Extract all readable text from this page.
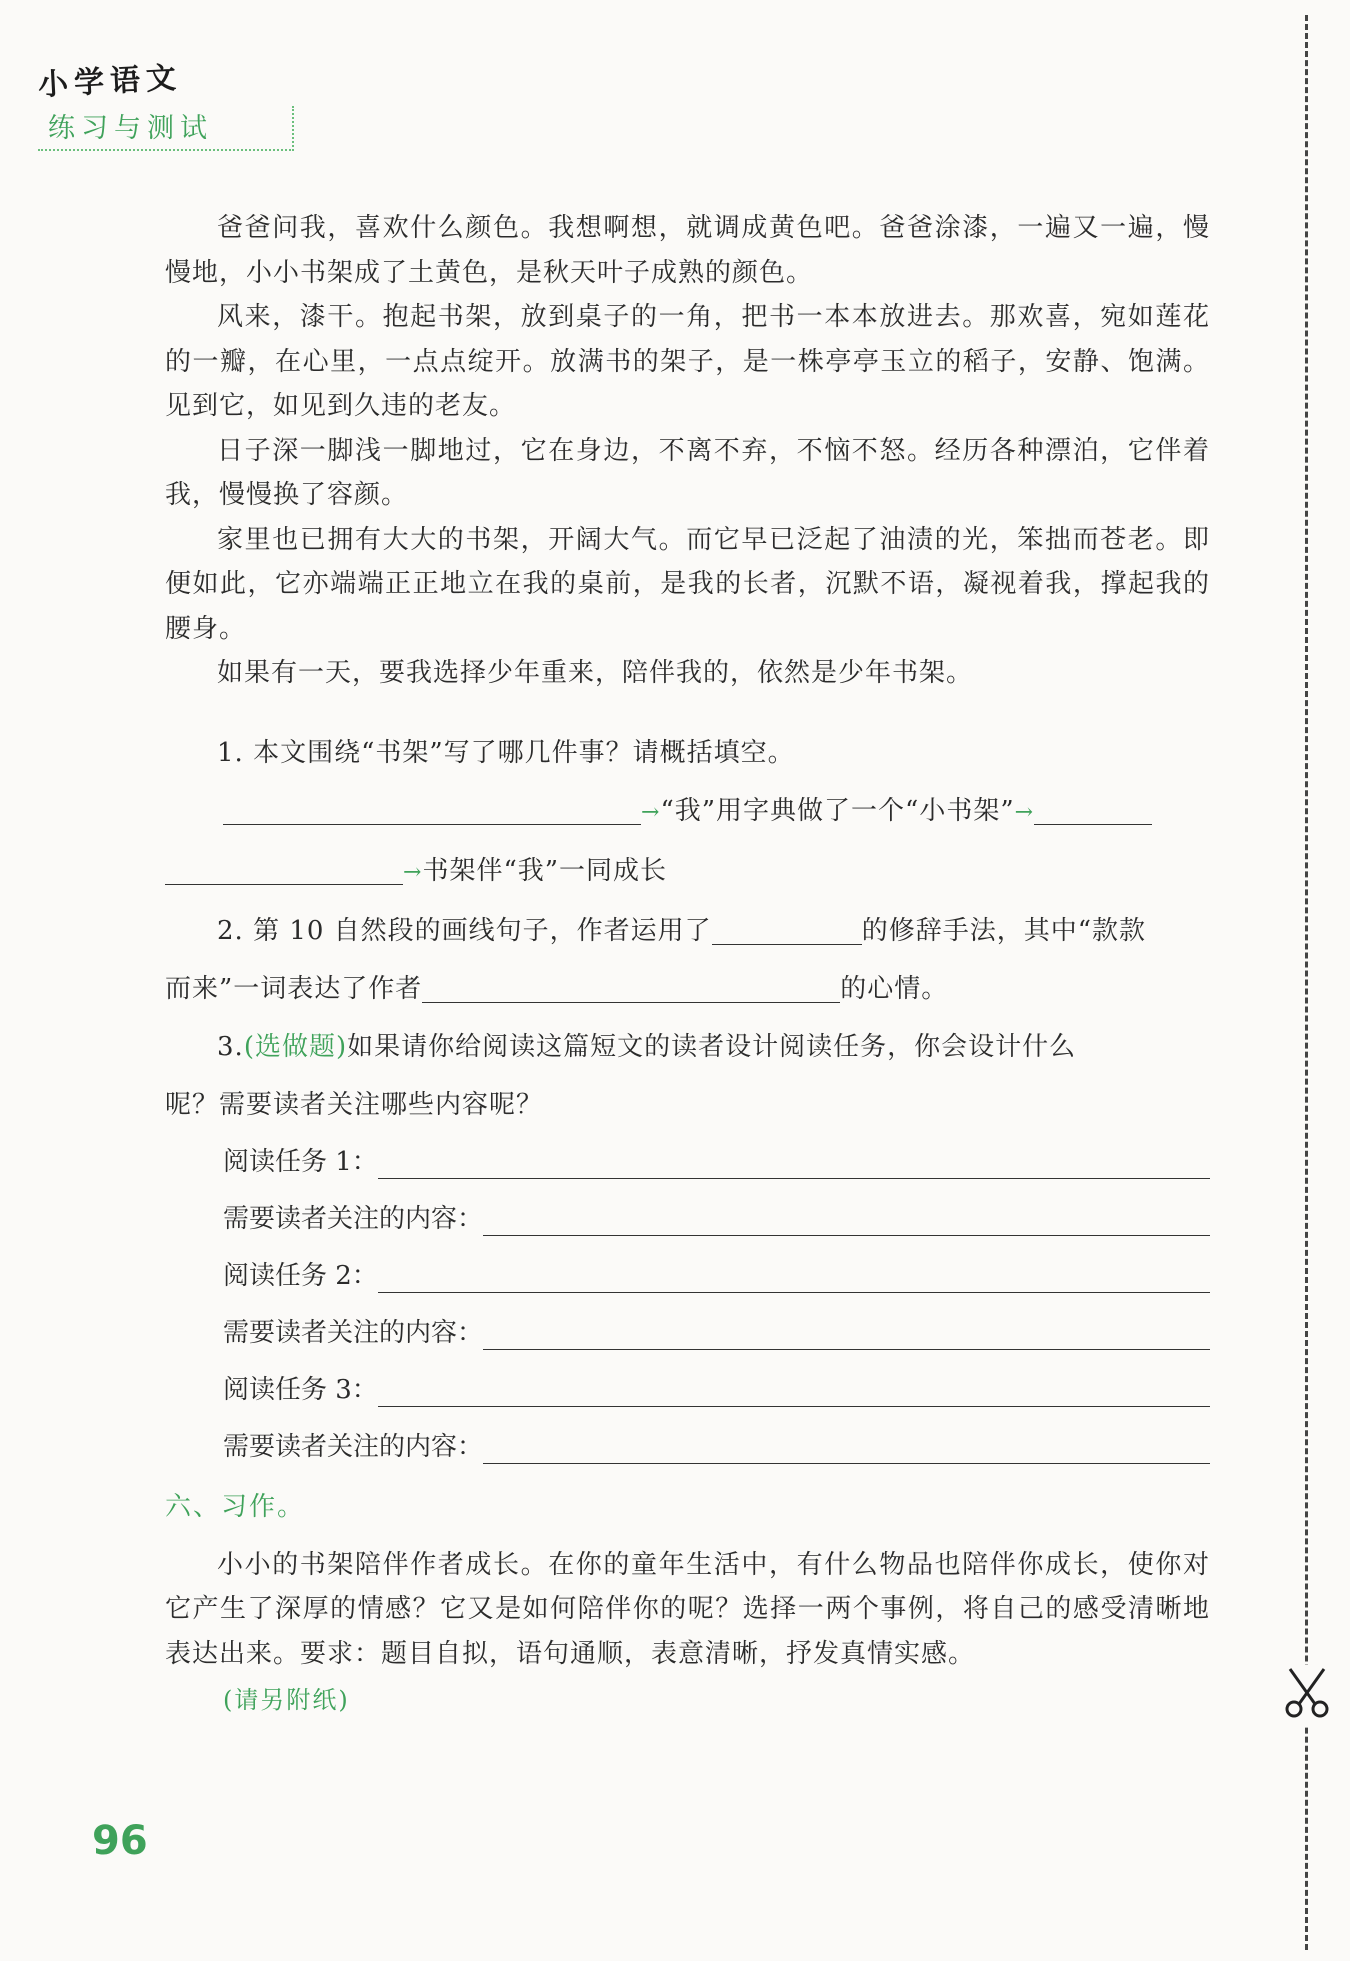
小学语文
练习与测试

爸爸问我，喜欢什么颜色。我想啊想，就调成黄色吧。爸爸涂漆，一遍又一遍，慢慢地，小小书架成了土黄色，是秋天叶子成熟的颜色。

风来，漆干。抱起书架，放到桌子的一角，把书一本本放进去。那欢喜，宛如莲花的一瓣，在心里，一点点绽开。放满书的架子，是一株亭亭玉立的稻子，安静、饱满。见到它，如见到久违的老友。

日子深一脚浅一脚地过，它在身边，不离不弃，不恼不怒。经历各种漂泊，它伴着我，慢慢换了容颜。

家里也已拥有大大的书架，开阔大气。而它早已泛起了油渍的光，笨拙而苍老。即便如此，它亦端端正正地立在我的桌前，是我的长者，沉默不语，凝视着我，撑起我的腰身。

如果有一天，要我选择少年重来，陪伴我的，依然是少年书架。

1. 本文围绕“书架”写了哪几件事？请概括填空。

→“我”用字典做了一个“小书架”→

→书架伴“我”一同成长

2. 第 10 自然段的画线句子，作者运用了	的修辞手法，其中“款款

而来”一词表达了作者	的心情。

3.(选做题)如果请你给阅读这篇短文的读者设计阅读任务，你会设计什么

呢？需要读者关注哪些内容呢？

阅读任务 1：
需要读者关注的内容：
阅读任务 2：
需要读者关注的内容：
阅读任务 3：
需要读者关注的内容：
六、习作。

小小的书架陪伴作者成长。在你的童年生活中，有什么物品也陪伴你成长，使你对它产生了深厚的情感？它又是如何陪伴你的呢？选择一两个事例，将自己的感受清晰地表达出来。要求：题目自拟，语句通顺，表意清晰，抒发真情实感。

(请另附纸)
96
